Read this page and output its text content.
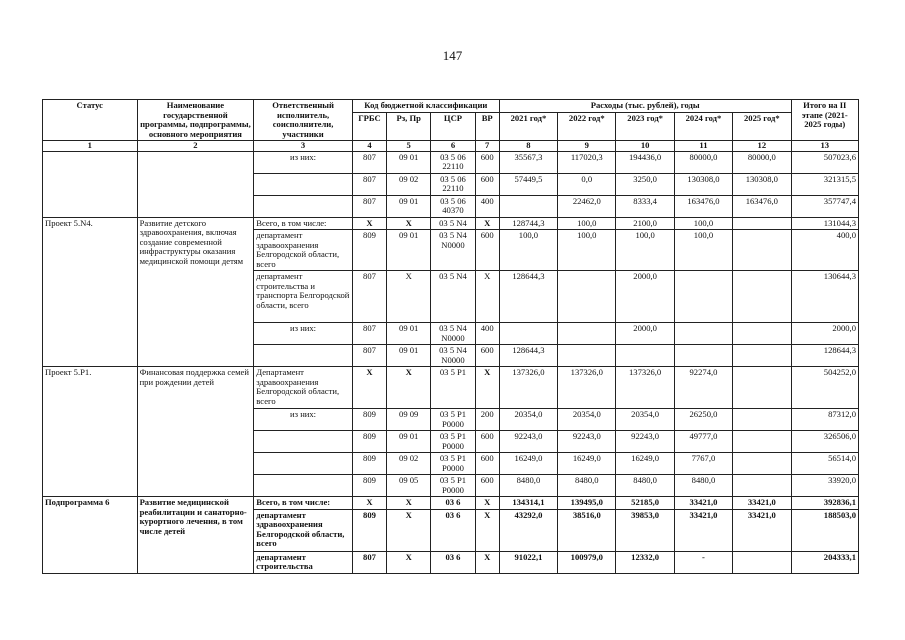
147
Статус	Наименование государственной программы, подпрограммы, основного мероприятия	Ответственный исполнитель, соисполнители, участники	Код бюджетной классификации				Расходы (тыс. рублей), годы					Итого на II этапе (2021-2025 годы)
			ГРБС	Рз, Пр	ЦСР	ВР	2021 год*	2022 год*	2023 год*	2024 год*	2025 год*	
1	2	3	4	5	6	7	8	9	10	11	12	13
		из них:	807	09 01	03 5 06 22110	600	35567,3	117020,3	194436,0	80000,0	80000,0	507023,6
			807	09 02	03 5 06 22110	600	57449,5	0,0	3250,0	130308,0	130308,0	321315,5
			807	09 01	03 5 06 40370	400		22462,0	8333,4	163476,0	163476,0	357747,4
Проект 5.N4.	Развитие детского здравоохранения, включая создание современной инфраструктуры оказания медицинской помощи детям	Всего, в том числе:	X	X	03 5 N4	X	128744,3	100,0	2100,0	100,0		131044,3
		департамент здравоохранения Белгородской области, всего	809	09 01	03 5 N4 N0000	600	100,0	100,0	100,0	100,0		400,0
		департамент строительства и транспорта Белгородской области, всего	807	X	03 5 N4	X	128644,3		2000,0			130644,3
		из них:	807	09 01	03 5 N4 N0000	400			2000,0			2000,0
			807	09 01	03 5 N4 N0000	600	128644,3					128644,3
Проект 5.P1.	Финансовая поддержка семей при рождении детей	Департамент здравоохранения Белгородской области, всего	X	X	03 5 P1	X	137326,0	137326,0	137326,0	92274,0		504252,0
		из них:	809	09 09	03 5 P1 P0000	200	20354,0	20354,0	20354,0	26250,0		87312,0
			809	09 01	03 5 P1 P0000	600	92243,0	92243,0	92243,0	49777,0		326506,0
			809	09 02	03 5 P1 P0000	600	16249,0	16249,0	16249,0	7767,0		56514,0
			809	09 05	03 5 P1 P0000	600	8480,0	8480,0	8480,0	8480,0		33920,0
Подпрограмма 6	Развитие медицинской реабилитации и санаторно-курортного лечения, в том числе детей	Всего, в том числе:	X	X	03 6	X	134314,1	139495,0	52185,0	33421,0	33421,0	392836,1
		департамент здравоохранения Белгородской области, всего	809	X	03 6	X	43292,0	38516,0	39853,0	33421,0	33421,0	188503,0
		департамент строительства	807	X	03 6	X	91022,1	100979,0	12332,0	-		204333,1
